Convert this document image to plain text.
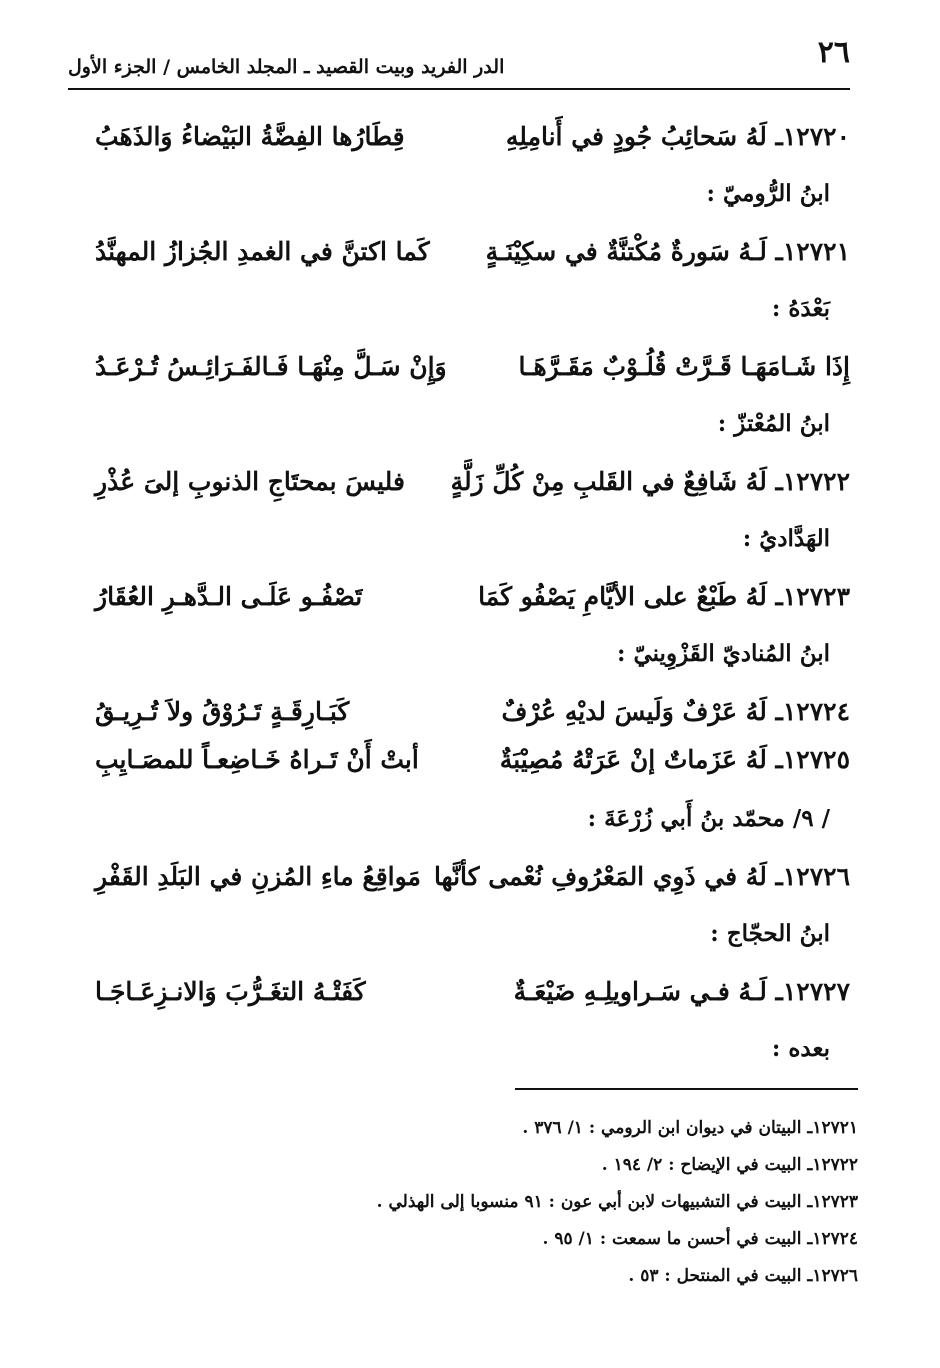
٢٦
الدر الفريد وبيت القصيد ـ المجلد الخامس / الجزء الأول
١٢٧٢٠ـ لَهُ سَحائِبُ جُودٍ في أَنامِلِهِ
قِطَارُها الفِضَّةُ البَيْضاءُ وَالذَهَبُ
ابنُ الرُّوميّ :
١٢٧٢١ـ لَـهُ سَورةٌ مُكْتنَّةٌ في سكِيْنَـةٍ
كَما اكتنَّ في الغمدِ الجُزازُ المهنَّدُ
بَعْدَهُ :
إِذَا شَـامَهَـا قَـرَّتْ قُلُـوْبٌ مَقَـرَّهَـا
وَإِنْ سَـلَّ مِنْهَـا فَـالفَـرَائِـسُ تُـرْعَـدُ
ابنُ المُعْتزّ :
١٢٧٢٢ـ لَهُ شَافِعٌ في القَلبِ مِنْ كُلِّ زَلَّةٍ
فليسَ بمحتَاجِ الذنوبِ إلىَ عُذْرِ
الهَدَّاديُ :
١٢٧٢٣ـ لَهُ طَبْعٌ على الأيَّامِ يَصْفُو كَمَا
تَصْفُـو عَلَـى الـدَّهـرِ العُقَارُ
ابنُ المُناديّ القَزْوِينيّ :
١٢٧٢٤ـ لَهُ عَرْفٌ وَلَيسَ لديْهِ عُرْفٌ
كَبَـارِقَـةٍ تَـرُوْقُ ولاَ تُـرِيـقُ
١٢٧٢٥ـ لَهُ عَزَماتٌ إنْ عَرَتْهُ مُصِيْبَةٌ
أبتْ أَنْ تَـراهُ خَـاضِعـاً للمصَـايِبِ
/ ٩/ محمّد بنُ أَبي زُرْعَةَ :
١٢٧٢٦ـ لَهُ في ذَوِي المَعْرُوفِ نُعْمى كأنَّها
مَواقِعُ ماءِ المُزنِ في البَلَدِ القَفْرِ
ابنُ الحجّاج :
١٢٧٢٧ـ لَـهُ فـي سَـراويلِـهِ ضَيْعَـةٌ
كَفَتْـهُ التغَـرُّبَ وَالانـزِعَـاجَـا
بعده :
١٢٧٢١ـ البيتان في ديوان ابن الرومي : ١/ ٣٧٦ .
١٢٧٢٢ـ البيت في الإيضاح : ٢/ ١٩٤ .
١٢٧٢٣ـ البيت في التشبيهات لابن أبي عون : ٩١ منسوبا إلى الهذلي .
١٢٧٢٤ـ البيت في أحسن ما سمعت : ١/ ٩٥ .
١٢٧٢٦ـ البيت في المنتحل : ٥٣ .
